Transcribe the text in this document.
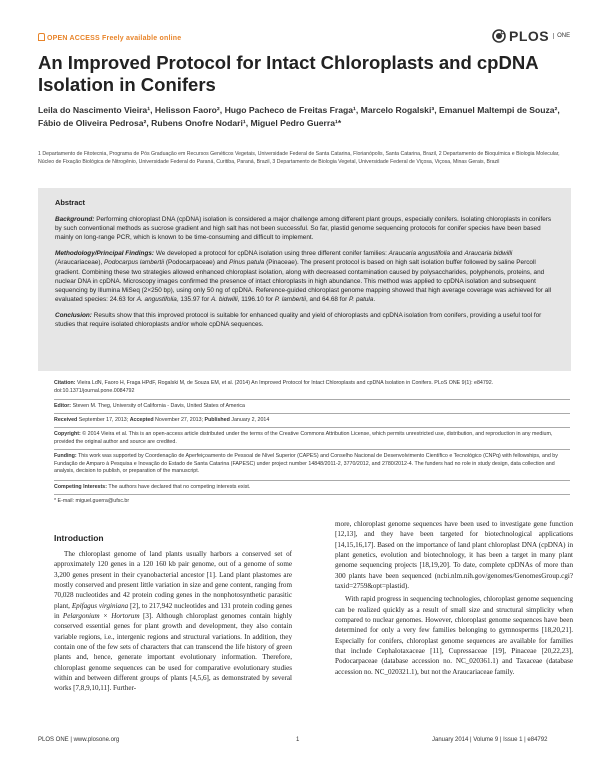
OPEN ACCESS Freely available online	PLOS	ONE
An Improved Protocol for Intact Chloroplasts and cpDNA Isolation in Conifers
Leila do Nascimento Vieira¹, Helisson Faoro², Hugo Pacheco de Freitas Fraga¹, Marcelo Rogalski³, Emanuel Maltempi de Souza², Fábio de Oliveira Pedrosa², Rubens Onofre Nodari¹, Miguel Pedro Guerra¹*
1 Departamento de Fitotecnia, Programa de Pós Graduação em Recursos Genéticos Vegetais, Universidade Federal de Santa Catarina, Florianópolis, Santa Catarina, Brazil, 2 Departamento de Bioquímica e Biologia Molecular, Núcleo de Fixação Biológica de Nitrogênio, Universidade Federal do Paraná, Curitiba, Paraná, Brazil, 3 Departamento de Biologia Vegetal, Universidade Federal de Viçosa, Viçosa, Minas Gerais, Brazil

Abstract

Background: Performing chloroplast DNA (cpDNA) isolation is considered a major challenge among different plant groups, especially conifers. Isolating chloroplasts in conifers by such conventional methods as sucrose gradient and high salt has not been successful. So far, plastid genome sequencing protocols for conifer species have been based mainly on long-range PCR, which is known to be time-consuming and difficult to implement.

Methodology/Principal Findings: We developed a protocol for cpDNA isolation using three different conifer families: Araucaria angustifolia and Araucaria bidwilli (Araucariaceae), Podocarpus lambertii (Podocarpaceae) and Pinus patula (Pinaceae). The present protocol is based on high salt isolation buffer followed by saline Percoll gradient. Combining these two strategies allowed enhanced chloroplast isolation, along with decreased contamination caused by polysaccharides, polyphenols, proteins, and nuclear DNA in cpDNA. Microscopy images confirmed the presence of intact chloroplasts in high abundance. This method was applied to cpDNA isolation and subsequent sequencing by Illumina MiSeq (2×250 bp), using only 50 ng of cpDNA. Reference-guided chloroplast genome mapping showed that high average coverage was achieved for all evaluated species: 24.63 for A. angustifolia, 135.97 for A. bidwilli, 1196.10 for P. lambertii, and 64.68 for P. patula.

Conclusion: Results show that this improved protocol is suitable for enhanced quality and yield of chloroplasts and cpDNA isolation from conifers, providing a useful tool for studies that require isolated chloroplasts and/or whole cpDNA sequences.

Citation: Vieira LdN, Faoro H, Fraga HPdF, Rogalski M, de Souza EM, et al. (2014) An Improved Protocol for Intact Chloroplasts and cpDNA Isolation in Conifers. PLoS ONE 9(1): e84792. doi:10.1371/journal.pone.0084792
Editor: Steven M. Theg, University of California - Davis, United States of America
Received September 17, 2013; Accepted November 27, 2013; Published January 2, 2014
Copyright: © 2014 Vieira et al. This is an open-access article distributed under the terms of the Creative Commons Attribution License, which permits unrestricted use, distribution, and reproduction in any medium, provided the original author and source are credited.
Funding: This work was supported by Coordenação de Aperfeiçoamento de Pessoal de Nível Superior (CAPES) and Conselho Nacional de Desenvolvimento Científico e Tecnológico (CNPq) with fellowships, and by Fundação de Amparo à Pesquisa e Inovação do Estado de Santa Catarina (FAPESC) under project number 14848/2011-2, 3770/2012, and 2780/2012-4. The funders had no role in study design, data collection and analysis, decision to publish, or preparation of the manuscript.
Competing Interests: The authors have declared that no competing interests exist.
* E-mail: miguel.guerra@ufsc.br
Introduction
The chloroplast genome of land plants usually harbors a conserved set of approximately 120 genes in a 120 160 kb pair genome, out of a genome of some 3,200 genes present in their cyanobacterial ancestor [1]. Land plant plastomes are mostly conserved and present little variation in size and gene content, ranging from 70,028 nucleotides and 42 protein coding genes in the nonphotosynthetic parasitic plant, Epifagus virginiana [2], to 217,942 nucleotides and 131 protein coding genes in Pelargonium × Hortorum [3]. Although chloroplast genomes contain highly conserved essential genes for plant growth and development, they also contain variable regions, i.e., intergenic regions and structural variations. In addition, they contain one of the few sets of characters that can transcend the life history of green plants and, hence, generate important evolutionary information. Therefore, chloroplast genome sequences can be used for comparative evolutionary studies within and between different groups of plants [4,5,6], as demonstrated by several works [7,8,9,10,11]. Further-
more, chloroplast genome sequences have been used to investigate gene function [12,13], and they have been targeted for biotechnological applications [14,15,16,17]. Based on the importance of land plant chloroplast DNA (cpDNA) in plant genetics, evolution and biotechnology, it has been a target in many plant genome sequencing projects [18,19,20]. To date, complete cpDNAs of more than 300 plants have been sequenced (ncbi.nlm.nih.gov/genomes/GenomesGroup.cgi?taxid=2759&opt=plastid).
With rapid progress in sequencing technologies, chloroplast genome sequencing can be realized quickly as a result of small size and structural simplicity when compared to nuclear genomes. However, chloroplast genome sequences have been determined for only a very few families belonging to gymnosperms [18,20,21]. Especially for conifers, chloroplast genome sequences are available for families that include Cephalotaxaceae [11], Cupressaceae [19], Pinaceae [20,22,23], Podocarpaceae (database accession no. NC_020361.1) and Taxaceae (database accession no. NC_020321.1), but not the Araucariaceae family.
PLOS ONE | www.plosone.org	1	January 2014 | Volume 9 | Issue 1 | e84792
